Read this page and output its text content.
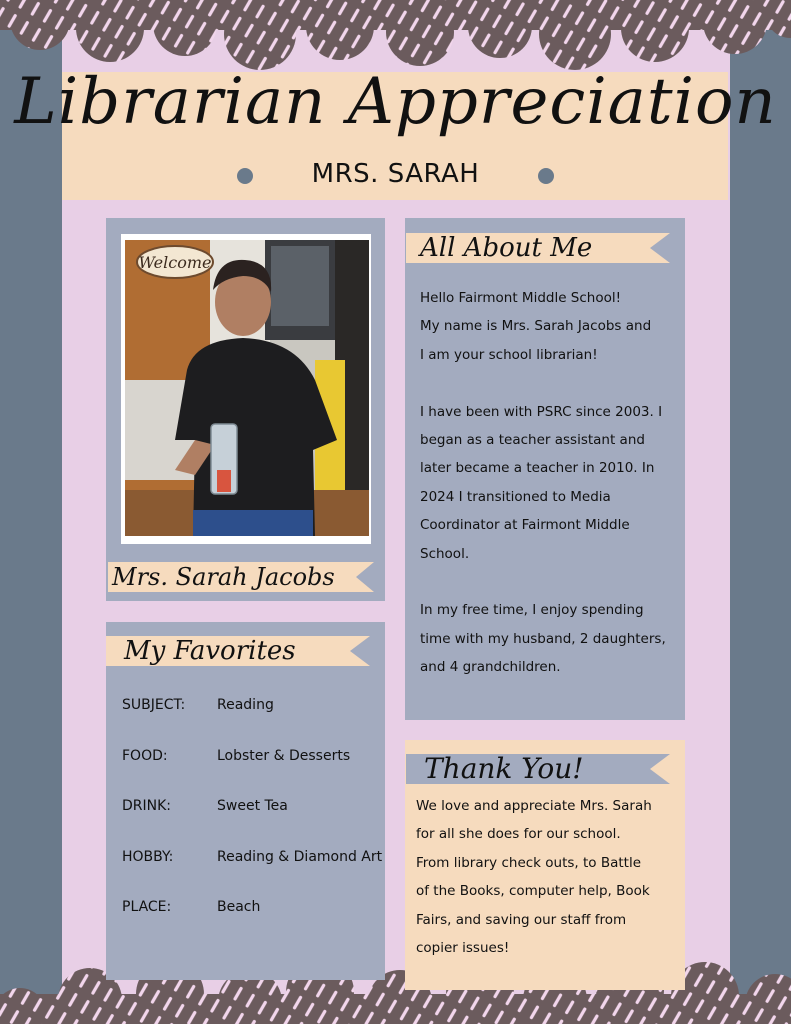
Librarian Appreciation
MRS. SARAH
Welcome
Mrs. Sarah Jacobs
All About Me

Hello Fairmont Middle School!

My name is Mrs. Sarah Jacobs and

I am your school librarian!

I have been with PSRC since 2003. I

began as a teacher assistant and

later became a teacher in 2010. In

2024 I transitioned to Media

Coordinator at Fairmont Middle

School.

In my free time, I enjoy spending

time with my husband, 2 daughters,

and 4 grandchildren.

My Favorites
SUBJECT: Reading
FOOD:	Lobster & Desserts
DRINK:	Sweet Tea
HOBBY:	Reading & Diamond Art
PLACE:	Beach
Thank You!

We love and appreciate Mrs. Sarah

for all she does for our school.

From library check outs, to Battle

of the Books, computer help, Book

Fairs, and saving our staff from

copier issues!
